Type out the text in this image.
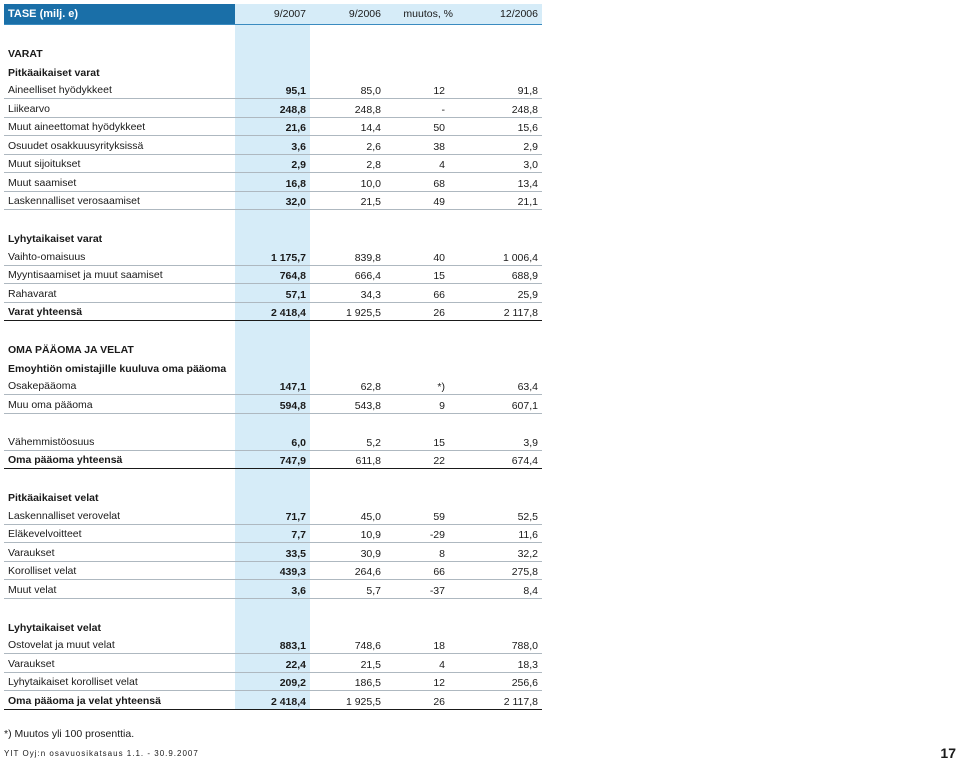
TASE (milj. e)	9/2007	9/2006	muutos, %	12/2006
VARAT
Pitkäaikaiset varat
Aineelliset hyödykkeet	95,1	85,0	12	91,8
Liikearvo	248,8	248,8	-	248,8
Muut aineettomat hyödykkeet	21,6	14,4	50	15,6
Osuudet osakkuusyrityksissä	3,6	2,6	38	2,9
Muut sijoitukset	2,9	2,8	4	3,0
Muut saamiset	16,8	10,0	68	13,4
Laskennalliset verosaamiset	32,0	21,5	49	21,1
Lyhytaikaiset varat
Vaihto-omaisuus	1 175,7	839,8	40	1 006,4
Myyntisaamiset ja muut saamiset	764,8	666,4	15	688,9
Rahavarat	57,1	34,3	66	25,9
Varat yhteensä	2 418,4	1 925,5	26	2 117,8
OMA PÄÄOMA JA VELAT
Emoyhtiön omistajille kuuluva oma pääoma
Osakepääoma	147,1	62,8	*)	63,4
Muu oma pääoma	594,8	543,8	9	607,1
Vähemmistöosuus	6,0	5,2	15	3,9
Oma pääoma yhteensä	747,9	611,8	22	674,4
Pitkäaikaiset velat
Laskennalliset verovelat	71,7	45,0	59	52,5
Eläkevelvoitteet	7,7	10,9	-29	11,6
Varaukset	33,5	30,9	8	32,2
Korolliset velat	439,3	264,6	66	275,8
Muut velat	3,6	5,7	-37	8,4
Lyhytaikaiset velat
Ostovelat ja muut velat	883,1	748,6	18	788,0
Varaukset	22,4	21,5	4	18,3
Lyhytaikaiset korolliset velat	209,2	186,5	12	256,6
Oma pääoma ja velat yhteensä	2 418,4	1 925,5	26	2 117,8
*) Muutos yli 100 prosenttia.
YIT Oyj:n osavuosikatsaus 1.1. - 30.9.2007	17
